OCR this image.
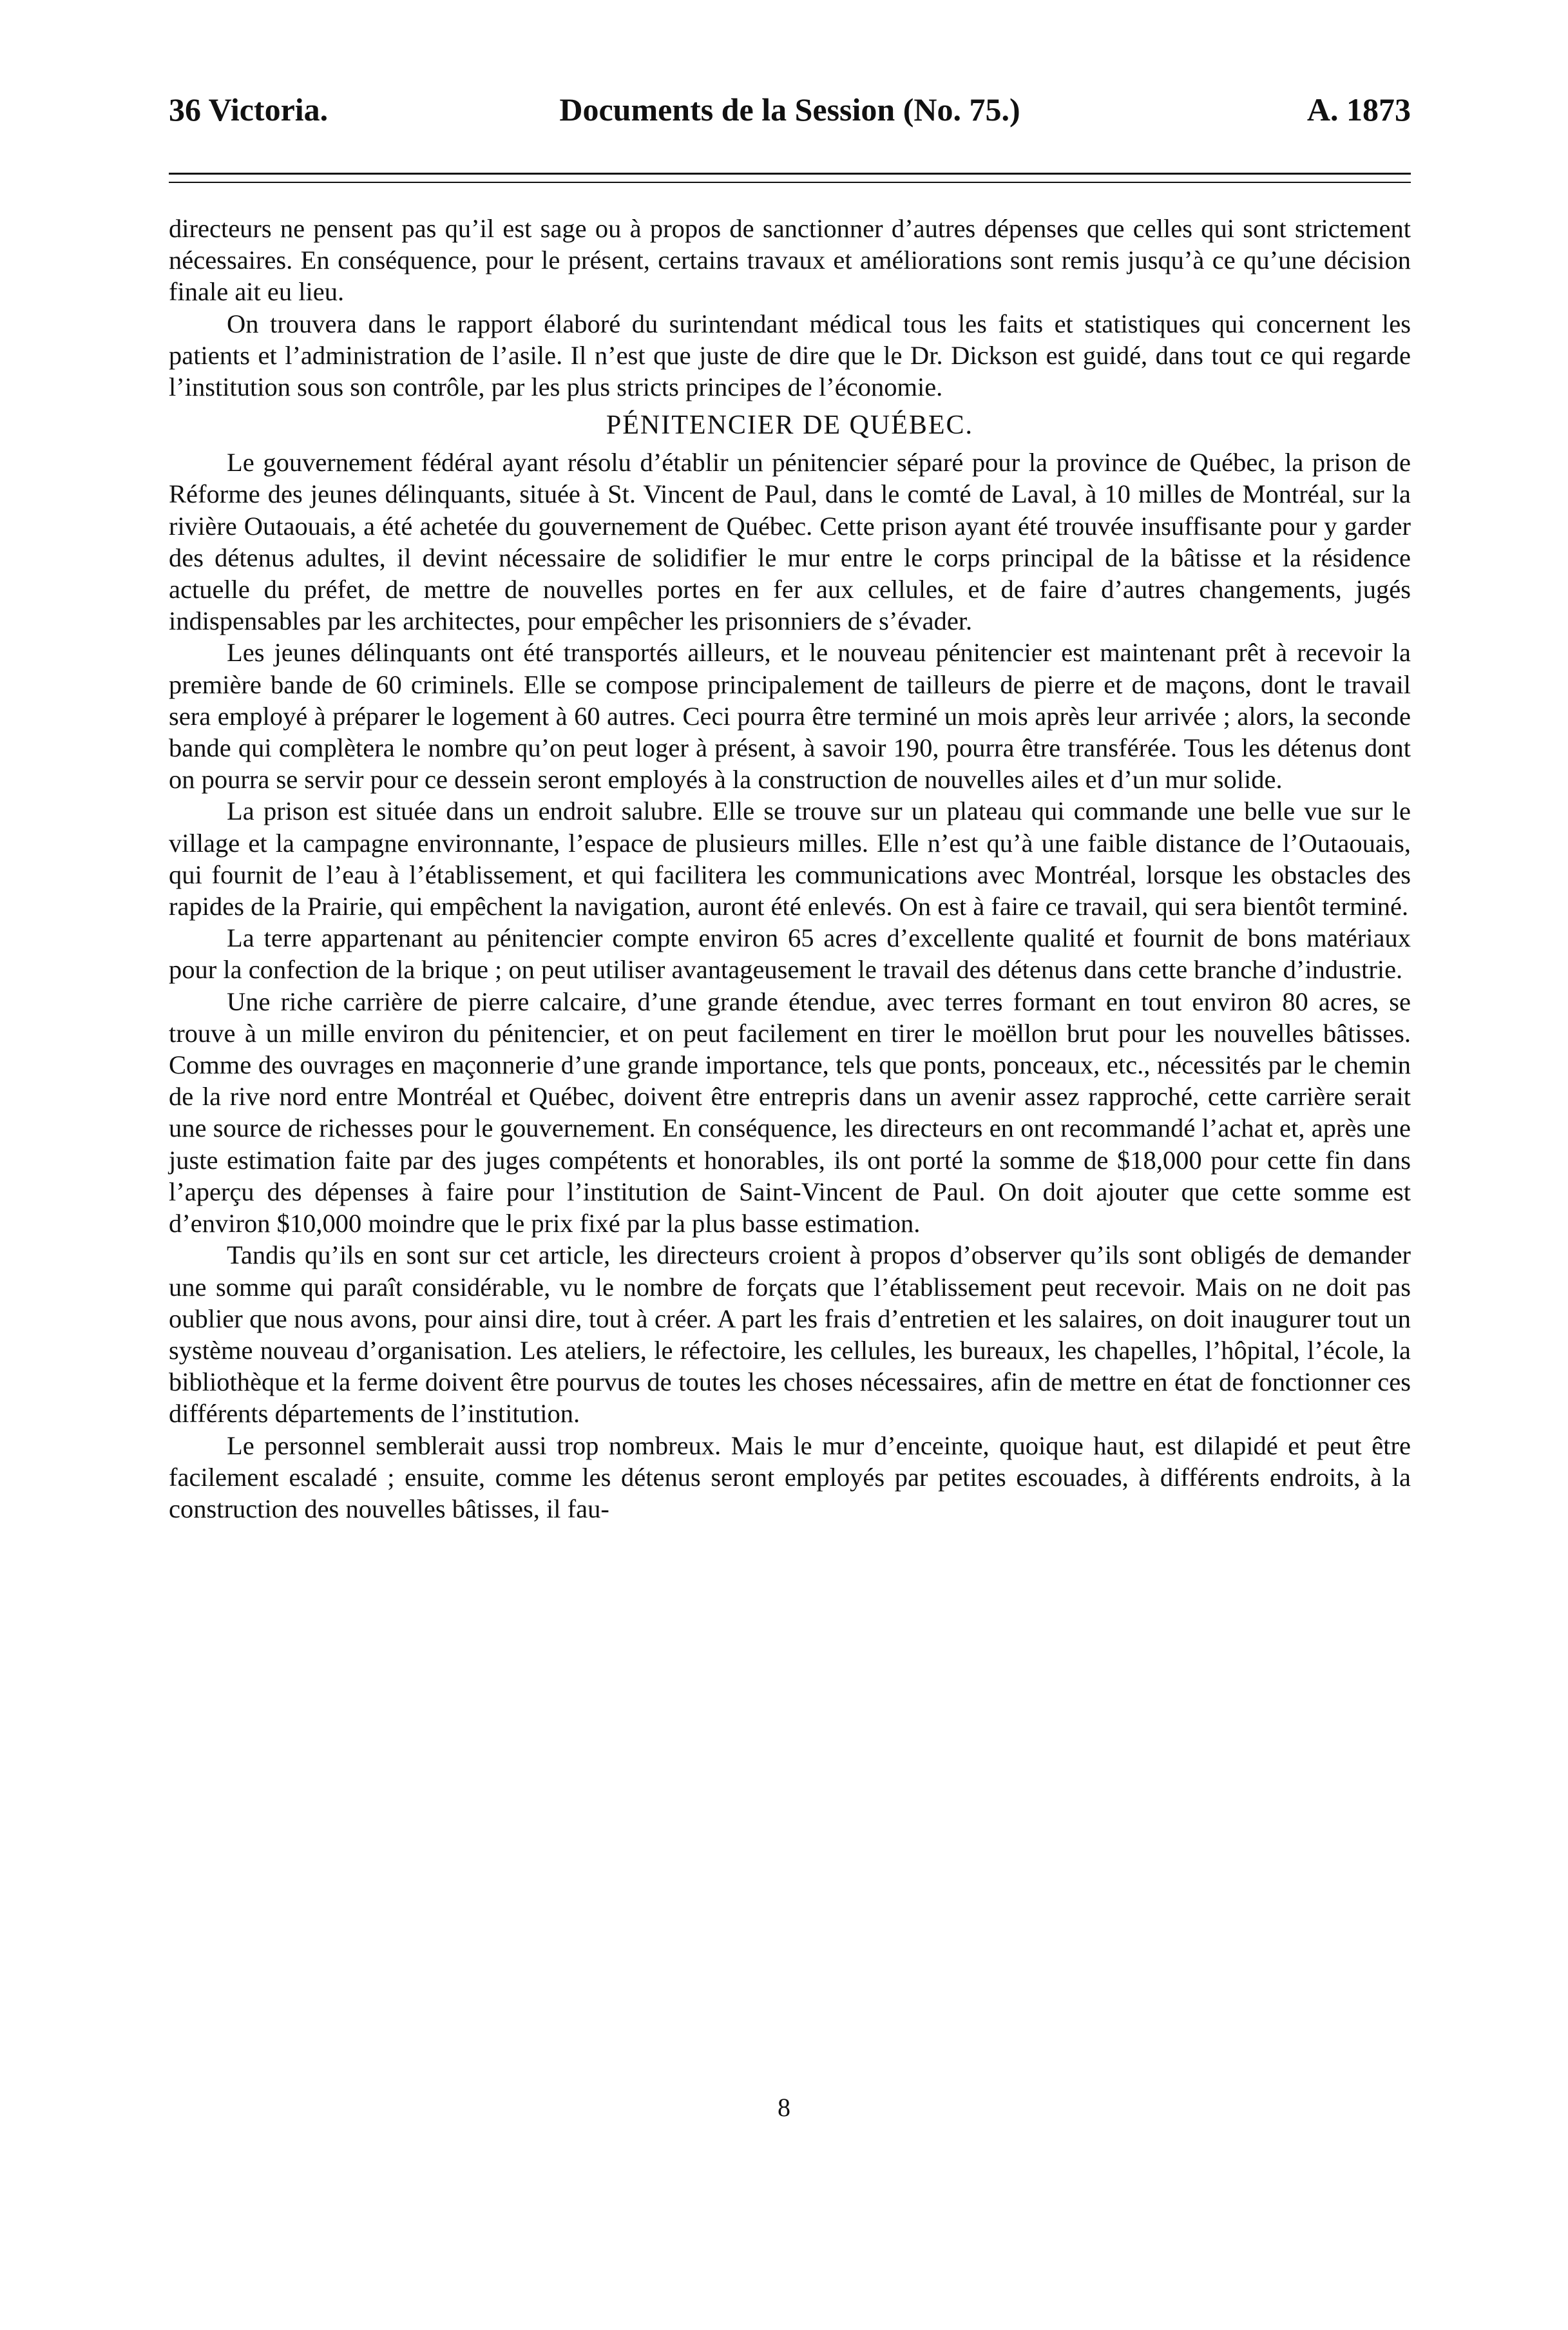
36 Victoria.	Documents de la Session (No. 75.)	A. 1873

directeurs ne pensent pas qu’il est sage ou à propos de sanctionner d’autres dépenses que celles qui sont strictement nécessaires. En conséquence, pour le présent, certains travaux et améliorations sont remis jusqu’à ce qu’une décision finale ait eu lieu.

On trouvera dans le rapport élaboré du surintendant médical tous les faits et statistiques qui concernent les patients et l’administration de l’asile. Il n’est que juste de dire que le Dr. Dickson est guidé, dans tout ce qui regarde l’institution sous son contrôle, par les plus stricts principes de l’économie.

PÉNITENCIER DE QUÉBEC.

Le gouvernement fédéral ayant résolu d’établir un pénitencier séparé pour la province de Québec, la prison de Réforme des jeunes délinquants, située à St. Vincent de Paul, dans le comté de Laval, à 10 milles de Montréal, sur la rivière Outaouais, a été achetée du gouvernement de Québec. Cette prison ayant été trouvée insuffisante pour y garder des détenus adultes, il devint nécessaire de solidifier le mur entre le corps principal de la bâtisse et la résidence actuelle du préfet, de mettre de nouvelles portes en fer aux cellules, et de faire d’autres changements, jugés indispensables par les architectes, pour empêcher les prisonniers de s’évader.

Les jeunes délinquants ont été transportés ailleurs, et le nouveau pénitencier est maintenant prêt à recevoir la première bande de 60 criminels. Elle se compose principalement de tailleurs de pierre et de maçons, dont le travail sera employé à préparer le logement à 60 autres. Ceci pourra être terminé un mois après leur arrivée ; alors, la seconde bande qui complètera le nombre qu’on peut loger à présent, à savoir 190, pourra être transférée. Tous les détenus dont on pourra se servir pour ce dessein seront employés à la construction de nouvelles ailes et d’un mur solide.

La prison est située dans un endroit salubre. Elle se trouve sur un plateau qui commande une belle vue sur le village et la campagne environnante, l’espace de plusieurs milles. Elle n’est qu’à une faible distance de l’Outaouais, qui fournit de l’eau à l’établissement, et qui facilitera les communications avec Montréal, lorsque les obstacles des rapides de la Prairie, qui empêchent la navigation, auront été enlevés. On est à faire ce travail, qui sera bientôt terminé.

La terre appartenant au pénitencier compte environ 65 acres d’excellente qualité et fournit de bons matériaux pour la confection de la brique ; on peut utiliser avantageusement le travail des détenus dans cette branche d’industrie.

Une riche carrière de pierre calcaire, d’une grande étendue, avec terres formant en tout environ 80 acres, se trouve à un mille environ du pénitencier, et on peut facilement en tirer le moëllon brut pour les nouvelles bâtisses. Comme des ouvrages en maçonnerie d’une grande importance, tels que ponts, ponceaux, etc., nécessités par le chemin de la rive nord entre Montréal et Québec, doivent être entrepris dans un avenir assez rapproché, cette carrière serait une source de richesses pour le gouvernement. En conséquence, les directeurs en ont recommandé l’achat et, après une juste estimation faite par des juges compétents et honorables, ils ont porté la somme de $18,000 pour cette fin dans l’aperçu des dépenses à faire pour l’institution de Saint-Vincent de Paul. On doit ajouter que cette somme est d’environ $10,000 moindre que le prix fixé par la plus basse estimation.

Tandis qu’ils en sont sur cet article, les directeurs croient à propos d’observer qu’ils sont obligés de demander une somme qui paraît considérable, vu le nombre de forçats que l’établissement peut recevoir. Mais on ne doit pas oublier que nous avons, pour ainsi dire, tout à créer. A part les frais d’entretien et les salaires, on doit inaugurer tout un système nouveau d’organisation. Les ateliers, le réfectoire, les cellules, les bureaux, les chapelles, l’hôpital, l’école, la bibliothèque et la ferme doivent être pourvus de toutes les choses nécessaires, afin de mettre en état de fonctionner ces différents départements de l’institution.

Le personnel semblerait aussi trop nombreux. Mais le mur d’enceinte, quoique haut, est dilapidé et peut être facilement escaladé ; ensuite, comme les détenus seront employés par petites escouades, à différents endroits, à la construction des nouvelles bâtisses, il fau-

8
